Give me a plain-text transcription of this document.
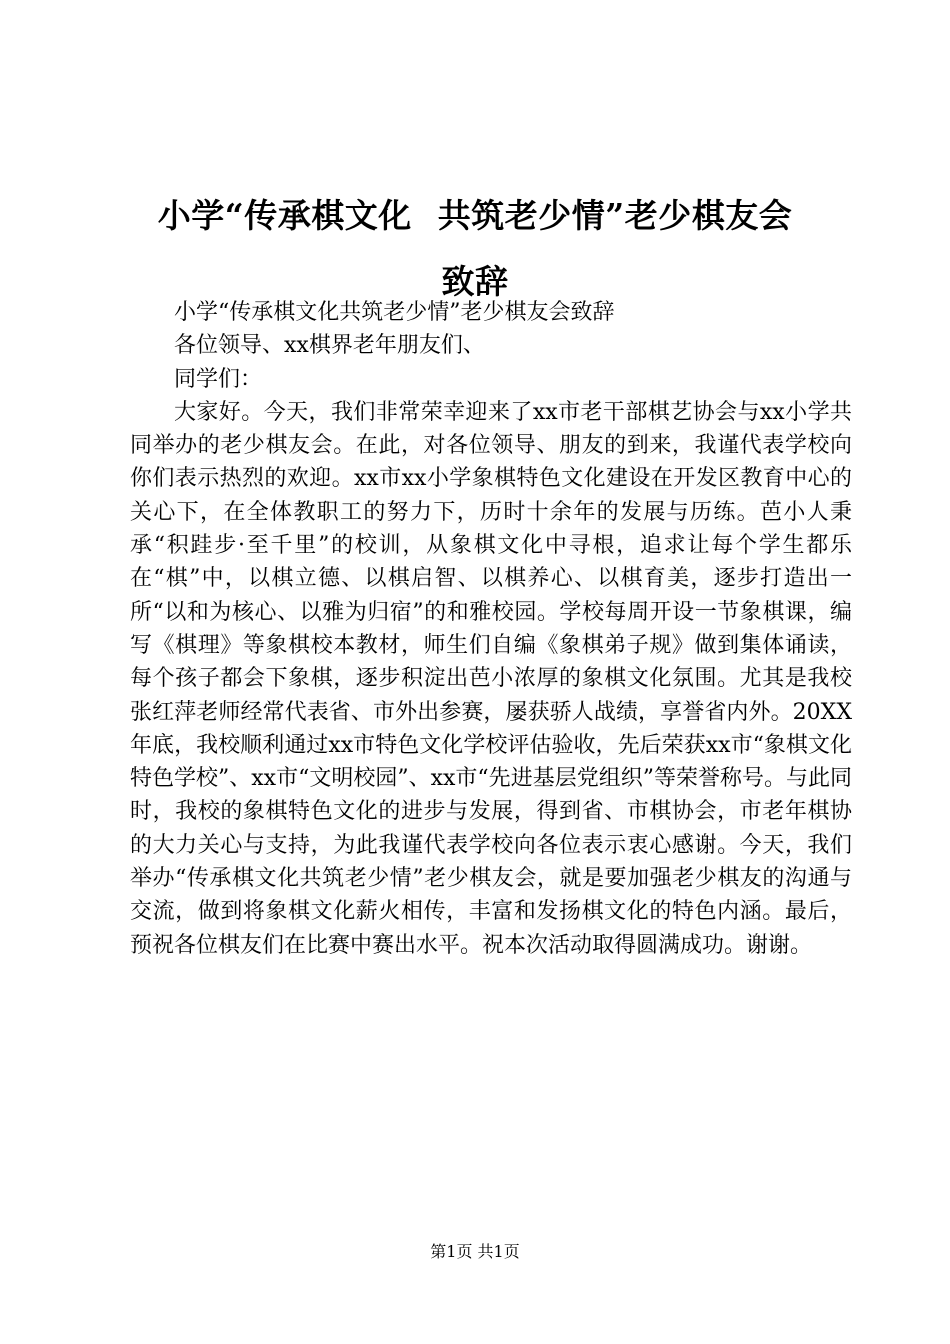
小学“传承棋文化 共筑老少情”老少棋友会
致辞

小学“传承棋文化共筑老少情”老少棋友会致辞

各位领导、xx棋界老年朋友们、

同学们：

大家好。今天，我们非常荣幸迎来了xx市老干部棋艺协会与xx小学共同举办的老少棋友会。在此，对各位领导、朋友的到来，我谨代表学校向你们表示热烈的欢迎。xx市xx小学象棋特色文化建设在开发区教育中心的关心下，在全体教职工的努力下，历时十余年的发展与历练。芭小人秉承“积跬步·至千里”的校训，从象棋文化中寻根，追求让每个学生都乐在“棋”中，以棋立德、以棋启智、以棋养心、以棋育美，逐步打造出一所“以和为核心、以雅为归宿”的和雅校园。学校每周开设一节象棋课，编写《棋理》等象棋校本教材，师生们自编《象棋弟子规》做到集体诵读，每个孩子都会下象棋，逐步积淀出芭小浓厚的象棋文化氛围。尤其是我校张红萍老师经常代表省、市外出参赛，屡获骄人战绩，享誉省内外。20XX年底，我校顺利通过xx市特色文化学校评估验收，先后荣获xx市“象棋文化特色学校”、xx市“文明校园”、xx市“先进基层党组织”等荣誉称号。与此同时，我校的象棋特色文化的进步与发展，得到省、市棋协会，市老年棋协的大力关心与支持，为此我谨代表学校向各位表示衷心感谢。今天，我们举办“传承棋文化共筑老少情”老少棋友会，就是要加强老少棋友的沟通与交流，做到将象棋文化薪火相传，丰富和发扬棋文化的特色内涵。最后，预祝各位棋友们在比赛中赛出水平。祝本次活动取得圆满成功。谢谢。

第1页 共1页
